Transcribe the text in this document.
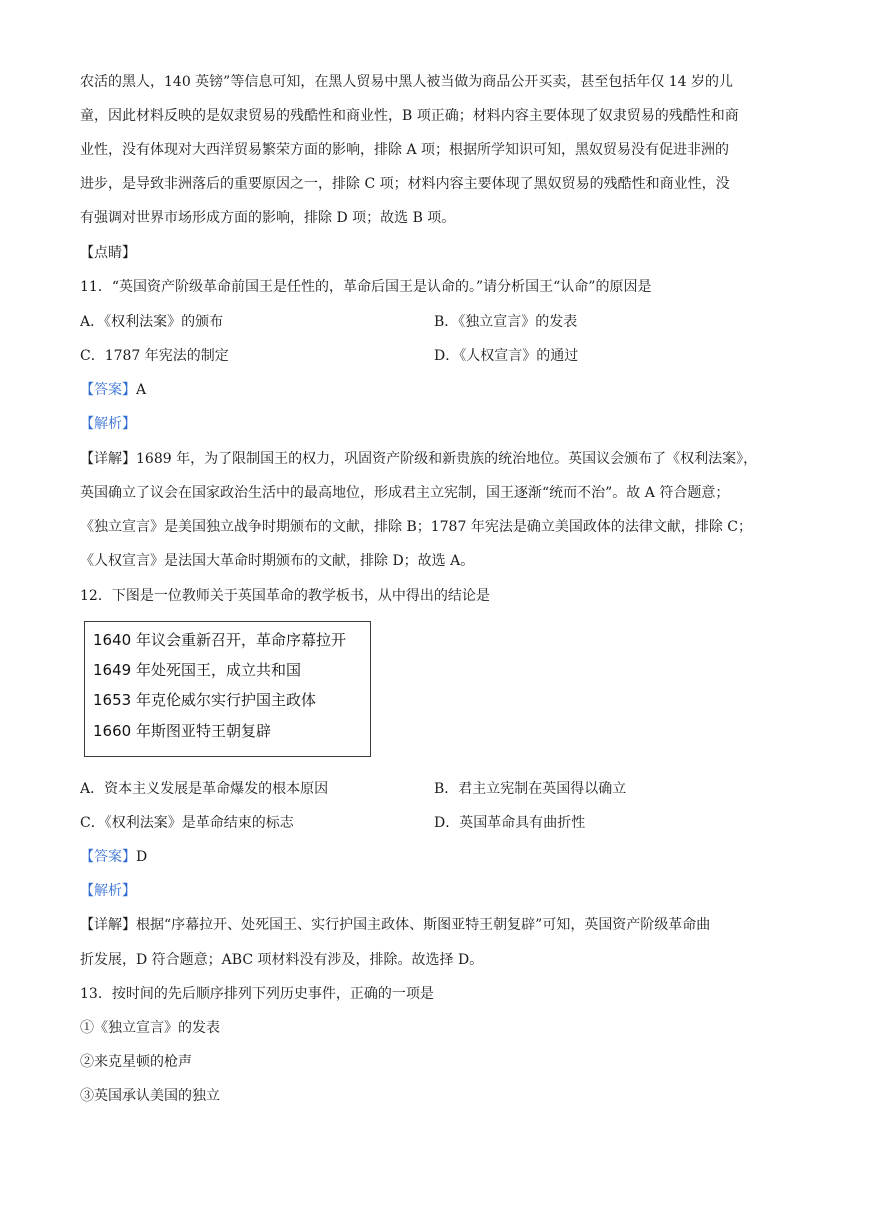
农活的黑人，140 英镑”等信息可知，在黑人贸易中黑人被当做为商品公开买卖，甚至包括年仅 14 岁的儿
童，因此材料反映的是奴隶贸易的残酷性和商业性，B 项正确；材料内容主要体现了奴隶贸易的残酷性和商
业性，没有体现对大西洋贸易繁荣方面的影响，排除 A 项；根据所学知识可知，黑奴贸易没有促进非洲的
进步，是导致非洲落后的重要原因之一，排除 C 项；材料内容主要体现了黑奴贸易的残酷性和商业性，没
有强调对世界市场形成方面的影响，排除 D 项；故选 B 项。
【点睛】
11．“英国资产阶级革命前国王是任性的，革命后国王是认命的。”请分析国王“认命”的原因是
A．《权利法案》的颁布	B．《独立宣言》的发表
C．1787 年宪法的制定	D．《人权宣言》的通过
【答案】A
【解析】
【详解】1689 年，为了限制国王的权力，巩固资产阶级和新贵族的统治地位。英国议会颁布了《权利法案》，
英国确立了议会在国家政治生活中的最高地位，形成君主立宪制，国王逐渐“统而不治”。故 A 符合题意；
《独立宣言》是美国独立战争时期颁布的文献，排除 B；1787 年宪法是确立美国政体的法律文献，排除 C；
《人权宣言》是法国大革命时期颁布的文献，排除 D；故选 A。
12．下图是一位教师关于英国革命的教学板书，从中得出的结论是
1640 年议会重新召开，革命序幕拉开
1649 年处死国王，成立共和国
1653 年克伦威尔实行护国主政体
1660 年斯图亚特王朝复辟
A．资本主义发展是革命爆发的根本原因	B．君主立宪制在英国得以确立
C．《权利法案》是革命结束的标志	D．英国革命具有曲折性
【答案】D
【解析】
【详解】根据“序幕拉开、处死国王、实行护国主政体、斯图亚特王朝复辟”可知，英国资产阶级革命曲
折发展，D 符合题意；ABC 项材料没有涉及，排除。故选择 D。
13．按时间的先后顺序排列下列历史事件，正确的一项是
①《独立宣言》的发表
②来克星顿的枪声
③英国承认美国的独立
